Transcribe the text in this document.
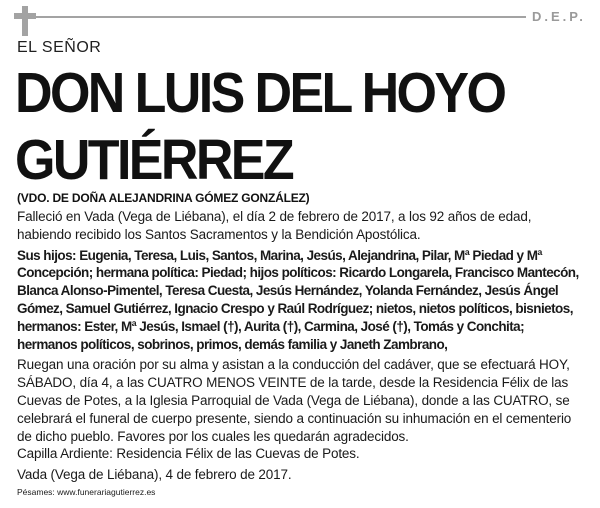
D.E.P.
EL SEÑOR
DON LUIS DEL HOYO GUTIÉRREZ
(VDO. DE DOÑA ALEJANDRINA GÓMEZ GONZÁLEZ)

Falleció en Vada (Vega de Liébana), el día 2 de febrero de 2017, a los 92 años de edad, habiendo recibido los Santos Sacramentos y la Bendición Apostólica.

Sus hijos: Eugenia, Teresa, Luis, Santos, Marina, Jesús, Alejandrina, Pilar, Mª Piedad y Mª Concepción; hermana política: Piedad; hijos políticos: Ricardo Longarela, Francisco Mantecón, Blanca Alonso-Pimentel, Teresa Cuesta, Jesús Hernández, Yolanda Fernández, Jesús Ángel Gómez, Samuel Gutiérrez, Ignacio Crespo y Raúl Rodríguez; nietos, nietos políticos, bisnietos, hermanos: Ester, Mª Jesús, Ismael (†), Aurita (†), Carmina, José (†), Tomás y Conchita; hermanos políticos, sobrinos, primos, demás familia y Janeth Zambrano,

Ruegan una oración por su alma y asistan a la conducción del cadáver, que se efectuará HOY, SÁBADO, día 4, a las CUATRO MENOS VEINTE de la tarde, desde la Residencia Félix de las Cuevas de Potes, a la Iglesia Parroquial de Vada (Vega de Liébana), donde a las CUATRO, se celebrará el funeral de cuerpo presente, siendo a continuación su inhumación en el cementerio de dicho pueblo. Favores por los cuales les quedarán agradecidos.

Capilla Ardiente: Residencia Félix de las Cuevas de Potes.

Vada (Vega de Liébana), 4 de febrero de 2017.

Pésames: www.funerariagutierrez.es
